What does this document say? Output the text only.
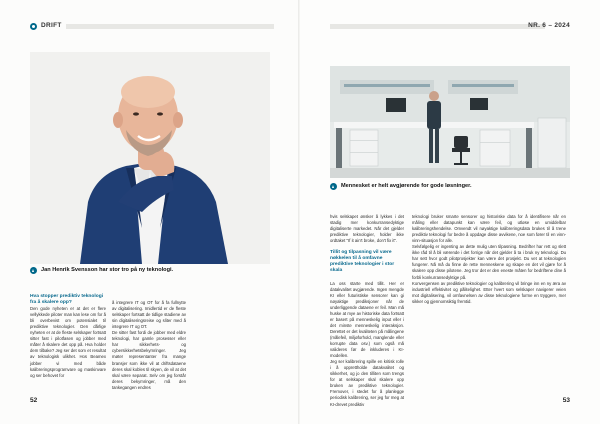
DRIFT
Jan Henrik Svensson har stor tro på ny teknologi.

Hva stopper prediktiv teknologi fra å skalere opp?

Den gode nyheten er at det er flere vellykkede piloter man kan lese om for å bli overbevist om potensialet til prediktive teknologier. Den dårlige nyheten er at de fleste selskaper fortsatt sitter fast i pilotfasen og jobber med måter å skalere det opp på. Hva holder dem tilbake? Jeg ser det som et resultat av teknologisk ulikhet. Hos Beamex jobber vi med både kalibreringsprogramvare og maskinvare og ser behovet for

å integrere IT og OT for å fa fullnytte av digitalisering. Imidlertid er de fleste selskaper fortsatt de tidlige stadiene av sin digitaliseringsreise og sliter med å integrere IT og OT.
De sitter fast fordi de jobber med eldre teknologi, har gamle prosesser eller har sikkerhets- og cybersikkerhetsbekymringer. Jeg møter representanter fra mange bransjer som ikke vil at driftsdataene deres skal kobles til skyen, de vil at det skal være separat. Selv om jeg forstår deres bekymringer, må den tankegangen endres

52
NR. 6 – 2024
Mennesket er helt avgjørende for gode løsninger.

hvis selskapet ønsker å lykkes i det stadig mer konkurransedyktige digitaliserte markedet. Når det gjelder prediktive teknologier, holder ikke ordtaket "If it ain't broke, don't fix it".

Tillit og tilpasning vil være nøkkelen til å omfavne prediktive teknologier i stor skala

La oss starte med tillit. Her er datakvalitet avgjørende. Ingen mengde KI eller futuristiske sensorer kan gi nøyaktige prediksjoner når de underliggende dataene er feil. Man må huske at mye av historiske data fortsatt er basert på menneskelig input eller i det minste menneskelig interaksjon. Derettet er det kvaliteten på målingene (målefeil, miljøforhold, manglende eller korrupte data osv.) som også må valideres før de inkluderes i KI-modellen.
Jeg ser kalibrering spille en kritisk rolle i å opprettholde datakvalitet og sikkerhet, og jo den tilliten som trengs for at selskaper skal skalere opp bruken av prediktive teknologier. Fremover, i stedet for å planlegge periodisk kalibrering, ser jeg for meg at KI-drevet prediktiv

teknologi bruker smarte sensorer og historiske data for å identifisere når en måling eller datapunkt kan være feil, og utløse en umiddelbar kalibreringshendelse. Omvendt vil nøyaktige kalibreringsdata brukes til å trene prediktiv teknologi for bedre å oppdage disse avvikene, noe som fører til en vinn-vinn-situasjon for alle.
Selvfølgelig er ingenting av dette mulig uten tilpasning. Bedrifter har rett og slett ikke råd til å bli værende i det forrige når det gjelder å ta i bruk ny teknologi. Du har sett hvor godt pilotprosjekter kan være det prosjekt. Du vet at teknologien fungerer. Nå må du finne de rette menneskene og skape en det vil gjøre for å skalere opp disse pilotene. Jeg tror det er den eneste måten for bedriftene dine å forbli konkurransedyktige på.
Konvergensen av prediktive teknologier og kalibrering vil bringe inn en ny æra av industriell effektivitet og pålitelighet. Etter hvert som selskaper navigerer veien mot digitalisering, vil omfavnelsen av disse teknologiene forme en tryggere, mer sikker og gjennomsiktig fremtid.

53
